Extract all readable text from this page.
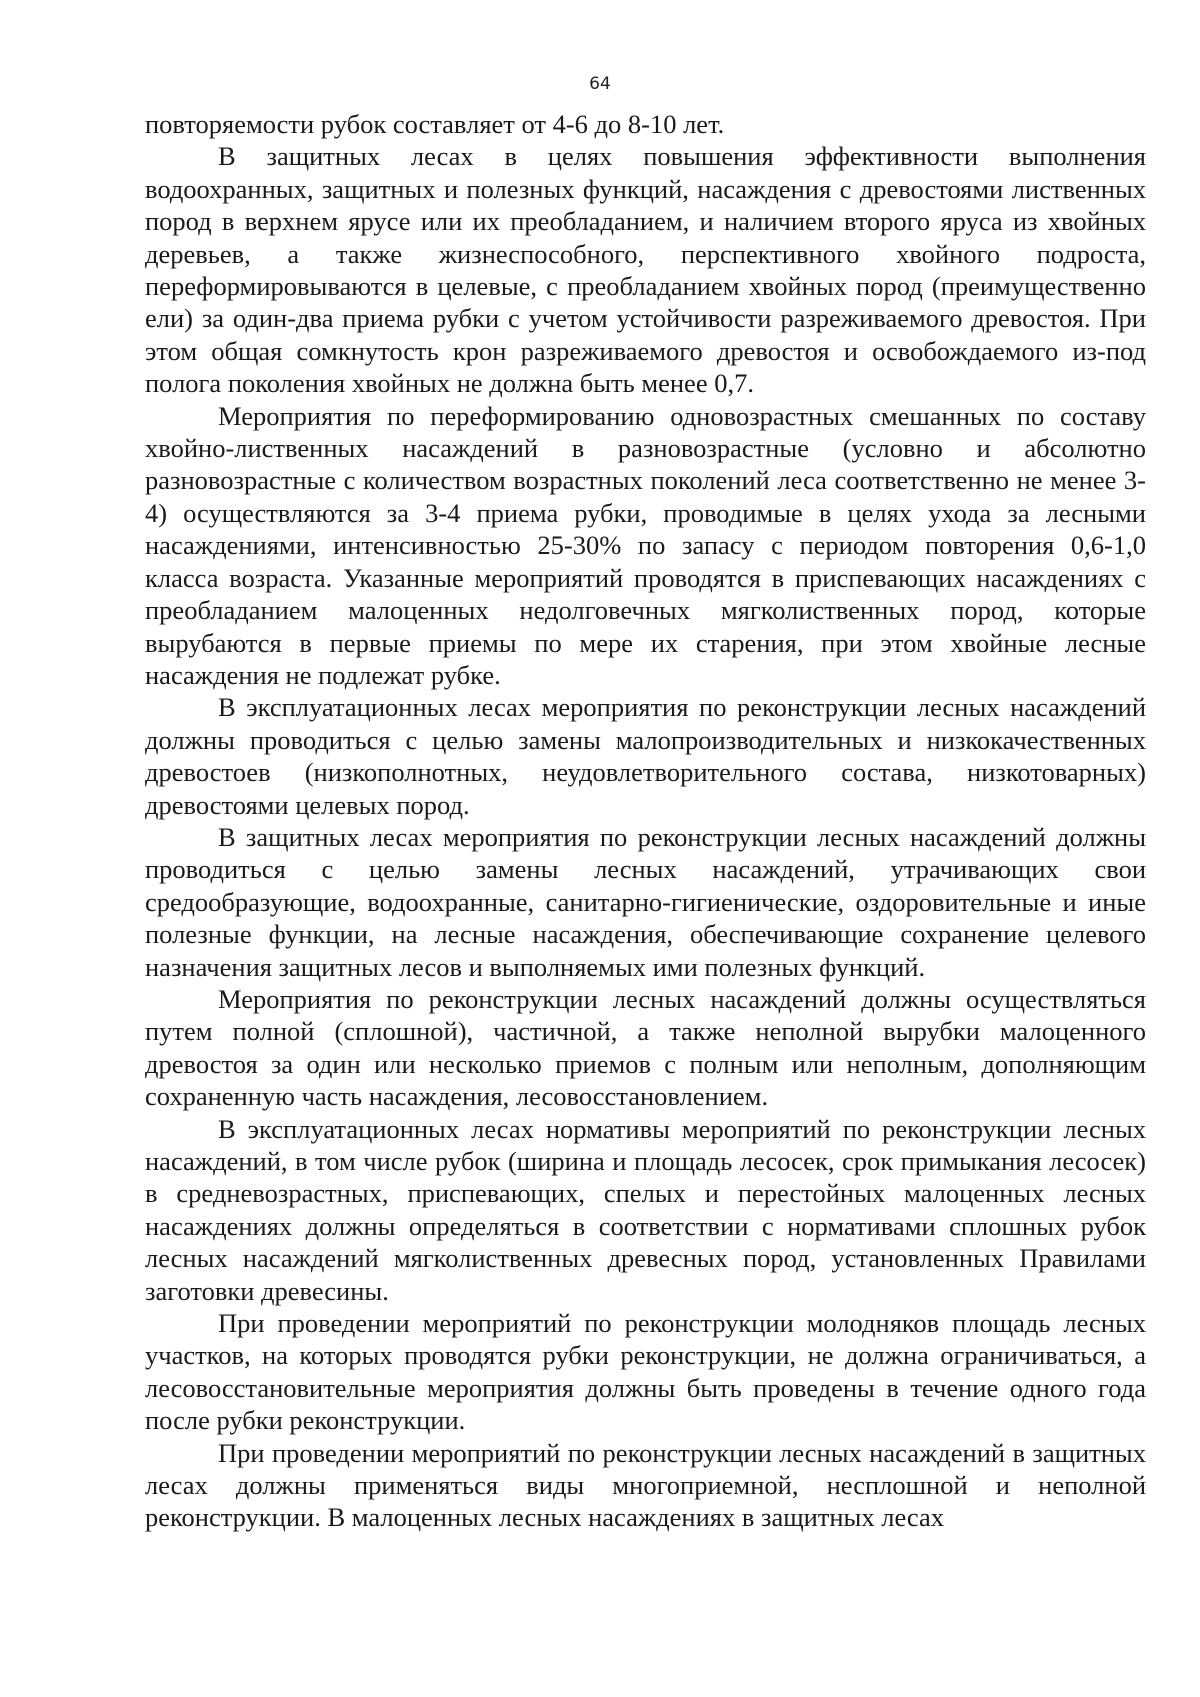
64

повторяемости рубок составляет от 4-6 до 8-10 лет.

В защитных лесах в целях повышения эффективности выполнения водоохранных, защитных и полезных функций, насаждения с древостоями лиственных пород в верхнем ярусе или их преобладанием, и наличием второго яруса из хвойных деревьев, а также жизнеспособного, перспективного хвойного подроста, переформировываются в целевые, с преобладанием хвойных пород (преимущественно ели) за один-два приема рубки с учетом устойчивости разреживаемого древостоя. При этом общая сомкнутость крон разреживаемого древостоя и освобождаемого из-под полога поколения хвойных не должна быть менее 0,7.

Мероприятия по переформированию одновозрастных смешанных по составу хвойно-лиственных насаждений в разновозрастные (условно и абсолютно разновозрастные с количеством возрастных поколений леса соответственно не менее 3-4) осуществляются за 3-4 приема рубки, проводимые в целях ухода за лесными насаждениями, интенсивностью 25-30% по запасу с периодом повторения 0,6-1,0 класса возраста. Указанные мероприятий проводятся в приспевающих насаждениях с преобладанием малоценных недолговечных мягколиственных пород, которые вырубаются в первые приемы по мере их старения, при этом хвойные лесные насаждения не подлежат рубке.

В эксплуатационных лесах мероприятия по реконструкции лесных насаждений должны проводиться с целью замены малопроизводительных и низкокачественных древостоев (низкополнотных, неудовлетворительного состава, низкотоварных) древостоями целевых пород.

В защитных лесах мероприятия по реконструкции лесных насаждений должны проводиться с целью замены лесных насаждений, утрачивающих свои средообразующие, водоохранные, санитарно-гигиенические, оздоровительные и иные полезные функции, на лесные насаждения, обеспечивающие сохранение целевого назначения защитных лесов и выполняемых ими полезных функций.

Мероприятия по реконструкции лесных насаждений должны осуществляться путем полной (сплошной), частичной, а также неполной вырубки малоценного древостоя за один или несколько приемов с полным или неполным, дополняющим сохраненную часть насаждения, лесовосстановлением.

В эксплуатационных лесах нормативы мероприятий по реконструкции лесных насаждений, в том числе рубок (ширина и площадь лесосек, срок примыкания лесосек) в средневозрастных, приспевающих, спелых и перестойных малоценных лесных насаждениях должны определяться в соответствии с нормативами сплошных рубок лесных насаждений мягколиственных древесных пород, установленных Правилами заготовки древесины.

При проведении мероприятий по реконструкции молодняков площадь лесных участков, на которых проводятся рубки реконструкции, не должна ограничиваться, а лесовосстановительные мероприятия должны быть проведены в течение одного года после рубки реконструкции.

При проведении мероприятий по реконструкции лесных насаждений в защитных лесах должны применяться виды многоприемной, несплошной и неполной реконструкции. В малоценных лесных насаждениях в защитных лесах
